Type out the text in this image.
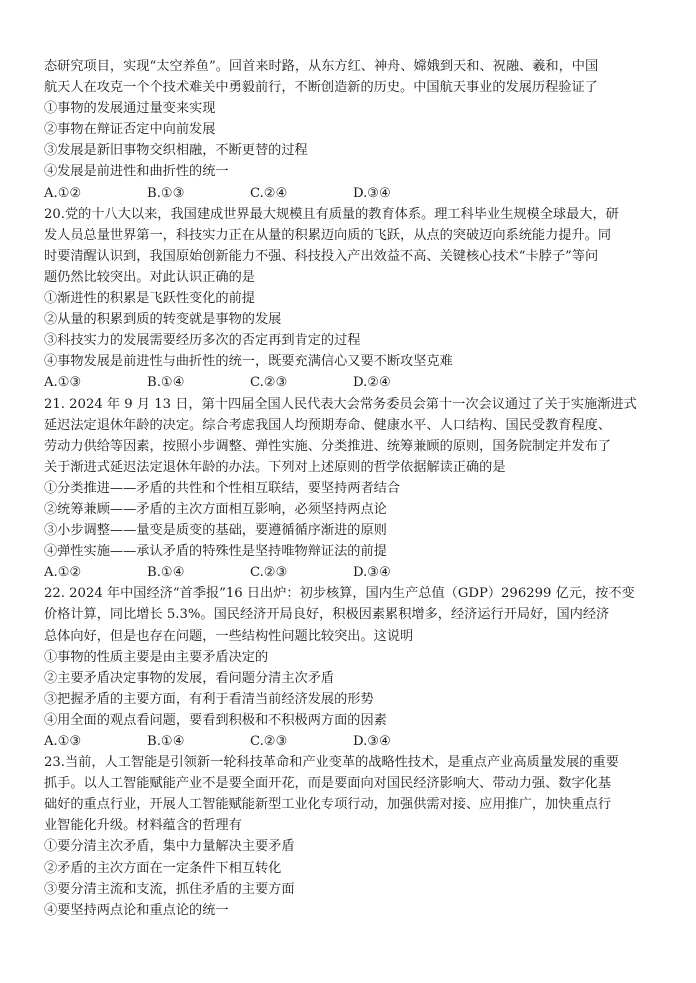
态研究项目，实现“太空养鱼”。回首来时路，从东方红、神舟、嫦娥到天和、祝融、羲和，中国

航天人在攻克一个个技术难关中勇毅前行，不断创造新的历史。中国航天事业的发展历程验证了

①事物的发展通过量变来实现

②事物在辩证否定中向前发展

③发展是新旧事物交织相融，不断更替的过程

④发展是前进性和曲折性的统一

A.①②	B.①③	C.②④	D.③④

20.党的十八大以来，我国建成世界最大规模且有质量的教育体系。理工科毕业生规模全球最大，研

发人员总量世界第一，科技实力正在从量的积累迈向质的飞跃，从点的突破迈向系统能力提升。同

时要清醒认识到，我国原始创新能力不强、科技投入产出效益不高、关键核心技术“卡脖子”等问

题仍然比较突出。对此认识正确的是

①渐进性的积累是飞跃性变化的前提

②从量的积累到质的转变就是事物的发展

③科技实力的发展需要经历多次的否定再到肯定的过程

④事物发展是前进性与曲折性的统一，既要充满信心又要不断攻坚克难

A.①③	B.①④	C.②③	D.②④

21. 2024 年 9 月 13 日，第十四届全国人民代表大会常务委员会第十一次会议通过了关于实施渐进式

延迟法定退休年龄的决定。综合考虑我国人均预期寿命、健康水平、人口结构、国民受教育程度、

劳动力供给等因素，按照小步调整、弹性实施、分类推进、统筹兼顾的原则，国务院制定并发布了

关于渐进式延迟法定退休年龄的办法。下列对上述原则的哲学依据解读正确的是

①分类推进——矛盾的共性和个性相互联结，要坚持两者结合

②统筹兼顾——矛盾的主次方面相互影响，必须坚持两点论

③小步调整——量变是质变的基础，要遵循循序渐进的原则

④弹性实施——承认矛盾的特殊性是坚持唯物辩证法的前提

A.①②	B.①④	C.②③	D.③④

22. 2024 年中国经济“首季报”16 日出炉：初步核算，国内生产总值（GDP）296299 亿元，按不变

价格计算，同比增长 5.3%。国民经济开局良好，积极因素累积增多，经济运行开局好，国内经济

总体向好，但是也存在问题，一些结构性问题比较突出。这说明

①事物的性质主要是由主要矛盾决定的

②主要矛盾决定事物的发展，看问题分清主次矛盾

③把握矛盾的主要方面，有利于看清当前经济发展的形势

④用全面的观点看问题，要看到积极和不积极两方面的因素

A.①③	B.①④	C.②③	D.③④

23.当前，人工智能是引领新一轮科技革命和产业变革的战略性技术，是重点产业高质量发展的重要

抓手。以人工智能赋能产业不是要全面开花，而是要面向对国民经济影响大、带动力强、数字化基

础好的重点行业，开展人工智能赋能新型工业化专项行动，加强供需对接、应用推广，加快重点行

业智能化升级。材料蕴含的哲理有

①要分清主次矛盾，集中力量解决主要矛盾

②矛盾的主次方面在一定条件下相互转化

③要分清主流和支流，抓住矛盾的主要方面

④要坚持两点论和重点论的统一
